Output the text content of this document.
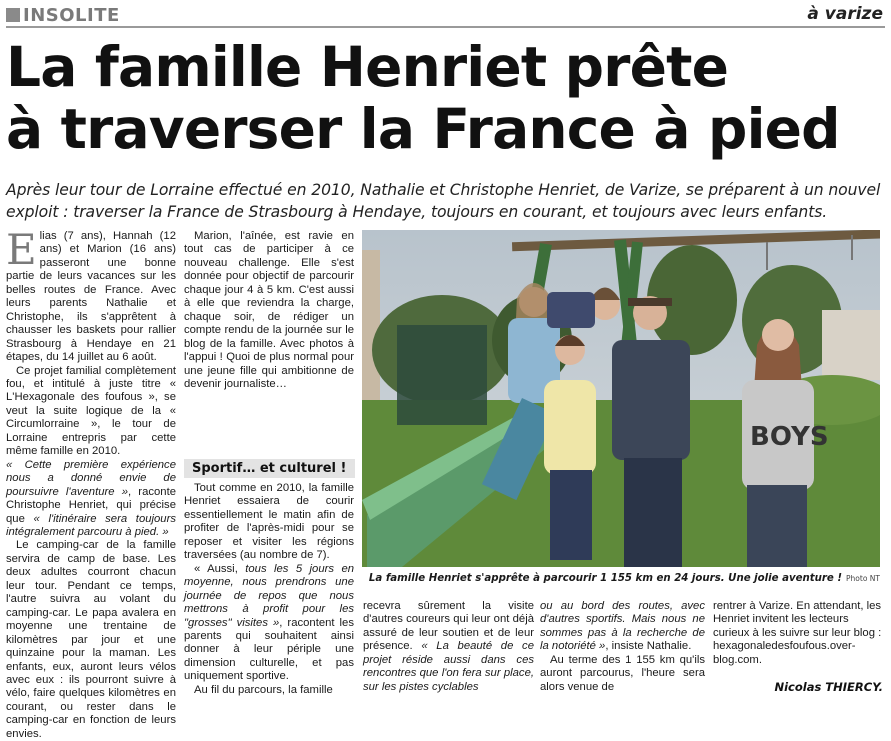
INSOLITE	à varize
La famille Henriet prête
à traverser la France à pied

Après leur tour de Lorraine effectué en 2010, Nathalie et Christophe Henriet, de Varize, se préparent à un nouvel exploit : traverser la France de Strasbourg à Hendaye, toujours en courant, et toujours avec leurs enfants.

Elias (7 ans), Hannah (12 ans) et Marion (16 ans) passeront une bonne partie de leurs vacances sur les belles routes de France. Avec leurs parents Nathalie et Christophe, ils s'apprêtent à chausser les baskets pour rallier Strasbourg à Hendaye en 21 étapes, du 14 juillet au 6 août.

Ce projet familial complètement fou, et intitulé à juste titre « L'Hexagonale des foufous », se veut la suite logique de la « Circumlorraine », le tour de Lorraine entrepris par cette même famille en 2010.

« Cette première expérience nous a donné envie de poursuivre l'aventure », raconte Christophe Henriet, qui précise que « l'itinéraire sera toujours intégralement parcouru à pied. »

Le camping-car de la famille servira de camp de base. Les deux adultes courront chacun leur tour. Pendant ce temps, l'autre suivra au volant du camping-car. Le papa avalera en moyenne une trentaine de kilomètres par jour et une quinzaine pour la maman. Les enfants, eux, auront leurs vélos avec eux : ils pourront suivre à vélo, faire quelques kilomètres en courant, ou rester dans le camping-car en fonction de leurs envies.

Marion, l'aînée, est ravie en tout cas de participer à ce nouveau challenge. Elle s'est donnée pour objectif de parcourir chaque jour 4 à 5 km. C'est aussi à elle que reviendra la charge, chaque soir, de rédiger un compte rendu de la journée sur le blog de la famille. Avec photos à l'appui ! Quoi de plus normal pour une jeune fille qui ambitionne de devenir journaliste…

Sportif… et culturel !

Tout comme en 2010, la famille Henriet essaiera de courir essentiellement le matin afin de profiter de l'après-midi pour se reposer et visiter les régions traversées (au nombre de 7).

« Aussi, tous les 5 jours en moyenne, nous prendrons une journée de repos que nous mettrons à profit pour les "grosses" visites », racontent les parents qui souhaitent ainsi donner à leur périple une dimension culturelle, et pas uniquement sportive.

Au fil du parcours, la famille

BOYS
La famille Henriet s'apprête à parcourir 1 155 km en 24 jours. Une jolie aventure ! Photo NT

recevra sûrement la visite d'autres coureurs qui leur ont déjà assuré de leur soutien et de leur présence. « La beauté de ce projet réside aussi dans ces rencontres que l'on fera sur place, sur les pistes cyclables

ou au bord des routes, avec d'autres sportifs. Mais nous ne sommes pas à la recherche de la notoriété », insiste Nathalie.

Au terme des 1 155 km qu'ils auront parcourus, l'heure sera alors venue de

rentrer à Varize. En attendant, les Henriet invitent les lecteurs curieux à les suivre sur leur blog : hexagonaledesfoufous.over-blog.com.

Nicolas THIERCY.
